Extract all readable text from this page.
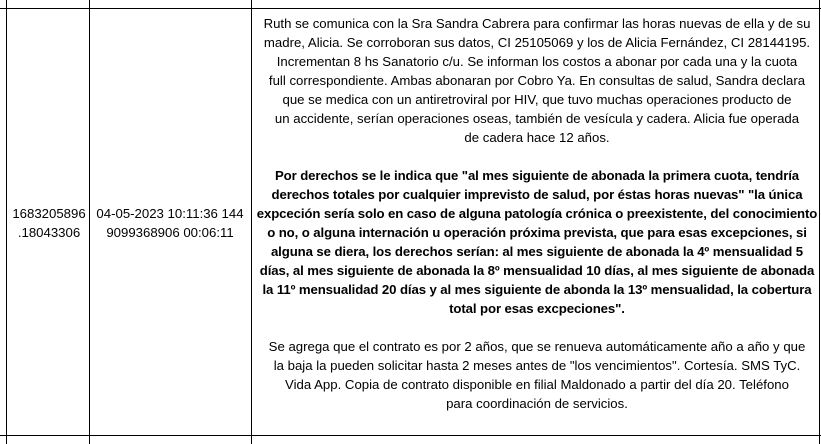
1683205896
.18043306
04-05-2023 10:11:36 144
9099368906 00:06:11
Ruth se comunica con la Sra Sandra Cabrera para confirmar las horas nuevas de ella y de su
madre, Alicia. Se corroboran sus datos, CI 25105069 y los de Alicia Fernández, CI 28144195.
Incrementan 8 hs Sanatorio c/u. Se informan los costos a abonar por cada una y la cuota
full correspondiente. Ambas abonaran por Cobro Ya. En consultas de salud, Sandra declara
que se medica con un antiretroviral por HIV, que tuvo muchas operaciones producto de
un accidente, serían operaciones oseas, también de vesícula y cadera. Alicia fue operada
de cadera hace 12 años.
Por derechos se le indica que "al mes siguiente de abonada la primera cuota, tendría
derechos totales por cualquier imprevisto de salud, por éstas horas nuevas" "la única
expceción sería solo en caso de alguna patología crónica o preexistente, del conocimiento
o no, o alguna internación u operación próxima prevista, que para esas excepciones, si
alguna se diera, los derechos serían: al mes siguiente de abonada la 4º mensualidad 5
días, al mes siguiente de abonada la 8º mensualidad 10 días, al mes siguiente de abonada
la 11º mensualidad 20 días y al mes siguiente de abonda la 13º mensualidad, la cobertura
total por esas excpeciones".
Se agrega que el contrato es por 2 años, que se renueva automáticamente año a año y que
la baja la pueden solicitar hasta 2 meses antes de "los vencimientos". Cortesía. SMS TyC.
Vida App. Copia de contrato disponible en filial Maldonado a partir del día 20. Teléfono
para coordinación de servicios.
